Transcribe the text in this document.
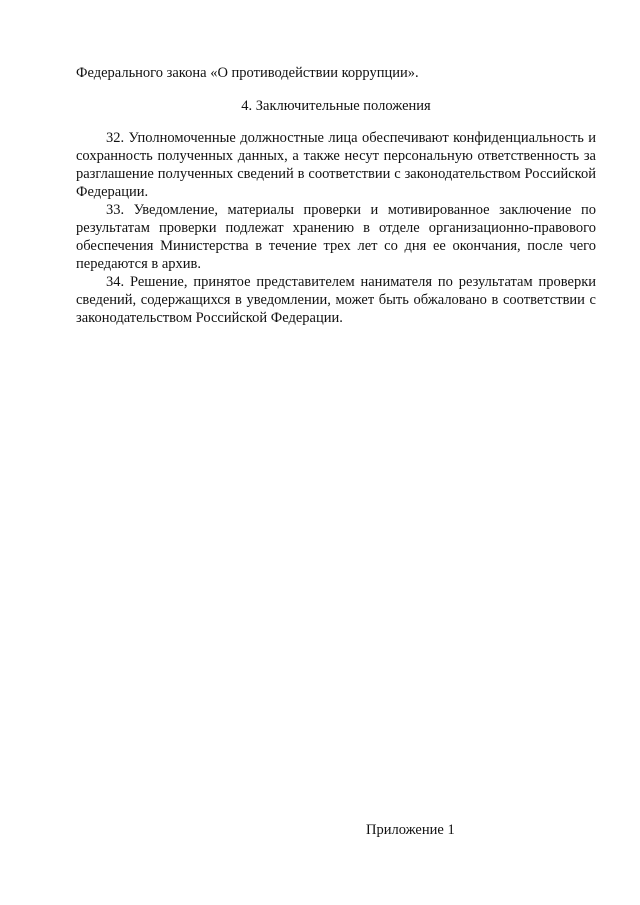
Федерального закона «О противодействии коррупции».

4. Заключительные положения

32. Уполномоченные должностные лица обеспечивают конфиденциальность и сохранность полученных данных, а также несут персональную ответственность за разглашение полученных сведений в соответствии с законодательством Российской Федерации.

33. Уведомление, материалы проверки и мотивированное заключение по результатам проверки подлежат хранению в отделе организационно-правового обеспечения Министерства в течение трех лет со дня ее окончания, после чего передаются в архив.

34. Решение, принятое представителем нанимателя по результатам проверки сведений, содержащихся в уведомлении, может быть обжаловано в соответствии с законодательством Российской Федерации.

Приложение 1
